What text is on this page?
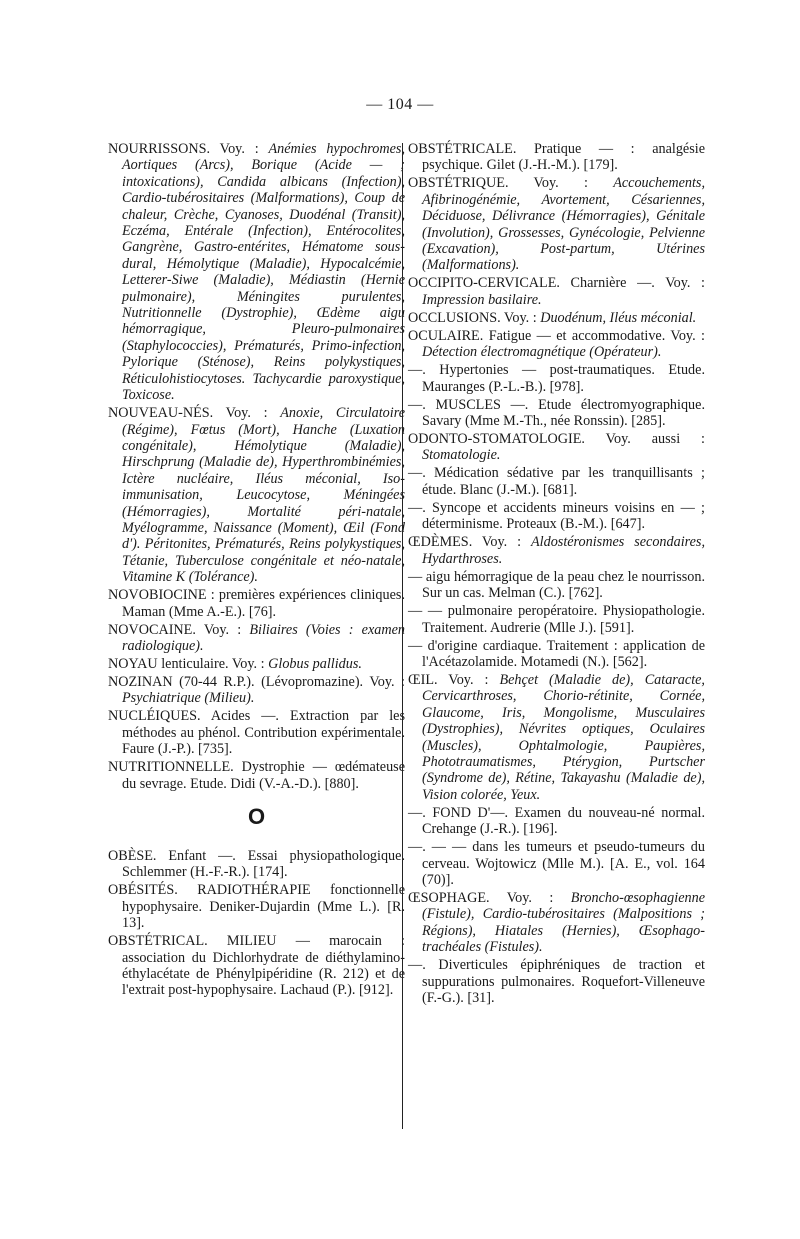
— 104 —
NOURRISSONS. Voy. : Anémies hypochromes, Aortiques (Arcs), Borique (Acide — ; intoxications), Candida albicans (Infection), Cardio-tubérositaires (Malformations), Coup de chaleur, Crèche, Cyanoses, Duodénal (Transit), Eczéma, Entérale (Infection), Entérocolites, Gangrène, Gastro-entérites, Hématome sous-dural, Hémolytique (Maladie), Hypocalcémie, Letterer-Siwe (Maladie), Médiastin (Hernie pulmonaire), Méningites purulentes, Nutritionnelle (Dystrophie), Œdème aigu hémorragique, Pleuro-pulmonaires (Staphylococcies), Prématurés, Primo-infection, Pylorique (Sténose), Reins polykystiques, Réticulohistiocytoses. Tachycardie paroxystique, Toxicose.
NOUVEAU-NÉS. Voy. : Anoxie, Circulatoire (Régime), Fœtus (Mort), Hanche (Luxation congénitale), Hémolytique (Maladie), Hirschprung (Maladie de), Hyperthrombinémies, Ictère nucléaire, Iléus méconial, Iso-immunisation, Leucocytose, Méningées (Hémorragies), Mortalité péri-natale, Myélogramme, Naissance (Moment), Œil (Fond d'). Péritonites, Prématurés, Reins polykystiques, Tétanie, Tuberculose congénitale et néo-natale, Vitamine K (Tolérance).
NOVOBIOCINE : premières expériences cliniques. Maman (Mme A.-E.). [76].
NOVOCAINE. Voy. : Biliaires (Voies : examen radiologique).
NOYAU lenticulaire. Voy. : Globus pallidus.
NOZINAN (70-44 R.P.). (Lévopromazine). Voy. : Psychiatrique (Milieu).
NUCLÉIQUES. Acides —. Extraction par les méthodes au phénol. Contribution expérimentale. Faure (J.-P.). [735].
NUTRITIONNELLE. Dystrophie — œdémateuse du sevrage. Etude. Didi (V.-A.-D.). [880].
O
OBÈSE. Enfant —. Essai physiopathologique. Schlemmer (H.-F.-R.). [174].
OBÉSITÉS. RADIOTHÉRAPIE fonctionnelle hypophysaire. Deniker-Dujardin (Mme L.). [R. 13].
OBSTÉTRICAL. MILIEU — marocain : association du Dichlorhydrate de diéthylamino-éthylacétate de Phénylpipéridine (R. 212) et de l'extrait post-hypophysaire. Lachaud (P.). [912].
OBSTÉTRICALE. Pratique — : analgésie psychique. Gilet (J.-H.-M.). [179].
OBSTÉTRIQUE. Voy. : Accouchements, Afibrinogénémie, Avortement, Césariennes, Déciduose, Délivrance (Hémorragies), Génitale (Involution), Grossesses, Gynécologie, Pelvienne (Excavation), Post-partum, Utérines (Malformations).
OCCIPITO-CERVICALE. Charnière —. Voy. : Impression basilaire.
OCCLUSIONS. Voy. : Duodénum, Iléus méconial.
OCULAIRE. Fatigue — et accommodative. Voy. : Détection électromagnétique (Opérateur).
—. Hypertonies — post-traumatiques. Etude. Mauranges (P.-L.-B.). [978].
—. MUSCLES —. Etude électromyographique. Savary (Mme M.-Th., née Ronssin). [285].
ODONTO-STOMATOLOGIE. Voy. aussi : Stomatologie.
—. Médication sédative par les tranquillisants ; étude. Blanc (J.-M.). [681].
—. Syncope et accidents mineurs voisins en — ; déterminisme. Proteaux (B.-M.). [647].
ŒDÈMES. Voy. : Aldostéronismes secondaires, Hydarthroses.
— aigu hémorragique de la peau chez le nourrisson. Sur un cas. Melman (C.). [762].
— — pulmonaire peropératoire. Physiopathologie. Traitement. Audrerie (Mlle J.). [591].
— d'origine cardiaque. Traitement : application de l'Acétazolamide. Motamedi (N.). [562].
ŒIL. Voy. : Behçet (Maladie de), Cataracte, Cervicarthroses, Chorio-rétinite, Cornée, Glaucome, Iris, Mongolisme, Musculaires (Dystrophies), Névrites optiques, Oculaires (Muscles), Ophtalmologie, Paupières, Phototraumatismes, Ptérygion, Purtscher (Syndrome de), Rétine, Takayashu (Maladie de), Vision colorée, Yeux.
—. FOND D'—. Examen du nouveau-né normal. Crehange (J.-R.). [196].
—. — — dans les tumeurs et pseudo-tumeurs du cerveau. Wojtowicz (Mlle M.). [A. E., vol. 164 (70)].
ŒSOPHAGE. Voy. : Broncho-œsophagienne (Fistule), Cardio-tubérositaires (Malpositions ; Régions), Hiatales (Hernies), Œsophago-trachéales (Fistules).
—. Diverticules épiphréniques de traction et suppurations pulmonaires. Roquefort-Villeneuve (F.-G.). [31].
